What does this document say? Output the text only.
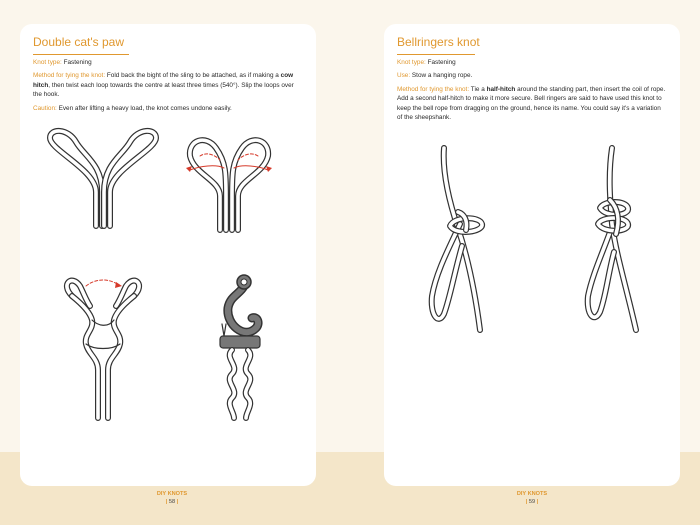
Double cat's paw

Knot type: Fastening

Method for tying the knot: Fold back the bight of the sling to be attached, as if making a cow hitch, then twist each loop towards the centre at least three times (540°). Slip the loops over the hook.

Caution: Even after lifting a heavy load, the knot comes undone easily.

Bellringers knot

Knot type: Fastening

Use: Stow a hanging rope.

Method for tying the knot: Tie a half-hitch around the standing part, then insert the coil of rope. Add a second half-hitch to make it more secure. Bell ringers are said to have used this knot to keep the bell rope from dragging on the ground, hence its name. You could say it's a variation of the sheepshank.

DIY KNOTS
| 58 |
DIY KNOTS
| 59 |
